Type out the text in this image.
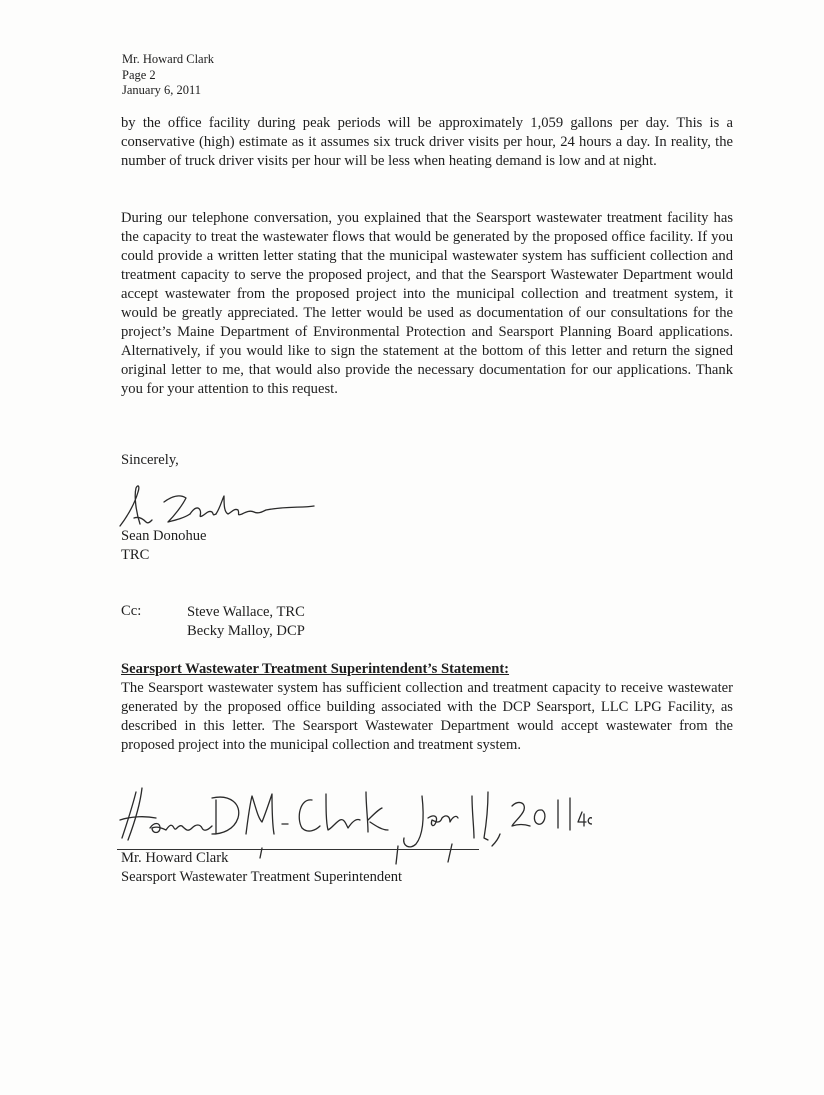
Mr. Howard Clark
Page 2
January 6, 2011

by the office facility during peak periods will be approximately 1,059 gallons per day. This is a conservative (high) estimate as it assumes six truck driver visits per hour, 24 hours a day. In reality, the number of truck driver visits per hour will be less when heating demand is low and at night.

During our telephone conversation, you explained that the Searsport wastewater treatment facility has the capacity to treat the wastewater flows that would be generated by the proposed office facility. If you could provide a written letter stating that the municipal wastewater system has sufficient collection and treatment capacity to serve the proposed project, and that the Searsport Wastewater Department would accept wastewater from the proposed project into the municipal collection and treatment system, it would be greatly appreciated. The letter would be used as documentation of our consultations for the project’s Maine Department of Environmental Protection and Searsport Planning Board applications. Alternatively, if you would like to sign the statement at the bottom of this letter and return the signed original letter to me, that would also provide the necessary documentation for our applications. Thank you for your attention to this request.

Sincerely,
Sean Donohue
TRC
Cc:	Steve Wallace, TRC
Becky Malloy, DCP
Searsport Wastewater Treatment Superintendent’s Statement:

The Searsport wastewater system has sufficient collection and treatment capacity to receive wastewater generated by the proposed office building associated with the DCP Searsport, LLC LPG Facility, as described in this letter. The Searsport Wastewater Department would accept wastewater from the proposed project into the municipal collection and treatment system.

Mr. Howard Clark
Searsport Wastewater Treatment Superintendent
